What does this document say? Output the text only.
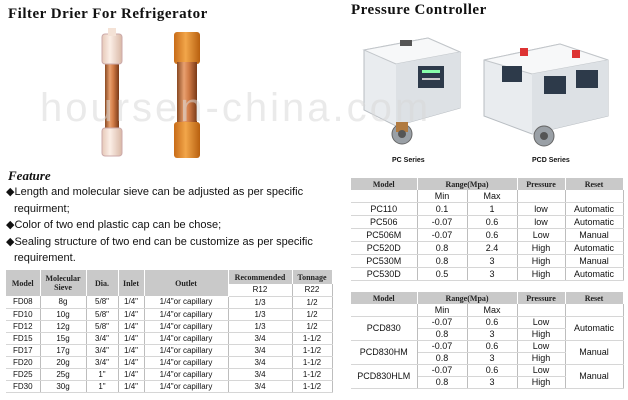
Filter Drier For Refrigerator
Feature
◆Length and molecular sieve can be adjusted as per specific
requirment;
◆Color of two end plastic cap can be chose;
◆Sealing structure of two end can be customize as per specific
requirement.
Model	Molecular Sieve	Dia.	Inlet	Outlet	Recommended	Tonnage
					R12	R22
FD08	8g	5/8"	1/4"	1/4"or capillary	1/3	1/2
FD10	10g	5/8"	1/4"	1/4"or capillary	1/3	1/2
FD12	12g	5/8"	1/4"	1/4"or capillary	1/3	1/2
FD15	15g	3/4"	1/4"	1/4"or capillary	3/4	1-1/2
FD17	17g	3/4"	1/4"	1/4"or capillary	3/4	1-1/2
FD20	20g	3/4"	1/4"	1/4"or capillary	3/4	1-1/2
FD25	25g	1"	1/4"	1/4"or capillary	3/4	1-1/2
FD30	30g	1"	1/4"	1/4"or capillary	3/4	1-1/2
Pressure Controller
PC Series	PCD Series
Model	Range(Mpa)		Pressure	Reset
	Min	Max		
PC110	0.1	1	low	Automatic
PC506	-0.07	0.6	low	Automatic
PC506M	-0.07	0.6	Low	Manual
PC520D	0.8	2.4	High	Automatic
PC530M	0.8	3	High	Manual
PC530D	0.5	3	High	Automatic
Model	Range(Mpa)		Pressure	Reset
	Min	Max		
PCD830	-0.07	0.6	Low	Automatic
	0.8	3	High	
PCD830HM	-0.07	0.6	Low	Manual
	0.8	3	High	
PCD830HLM	-0.07	0.6	Low	Manual
	0.8	3	High	
hoursen-china.com
